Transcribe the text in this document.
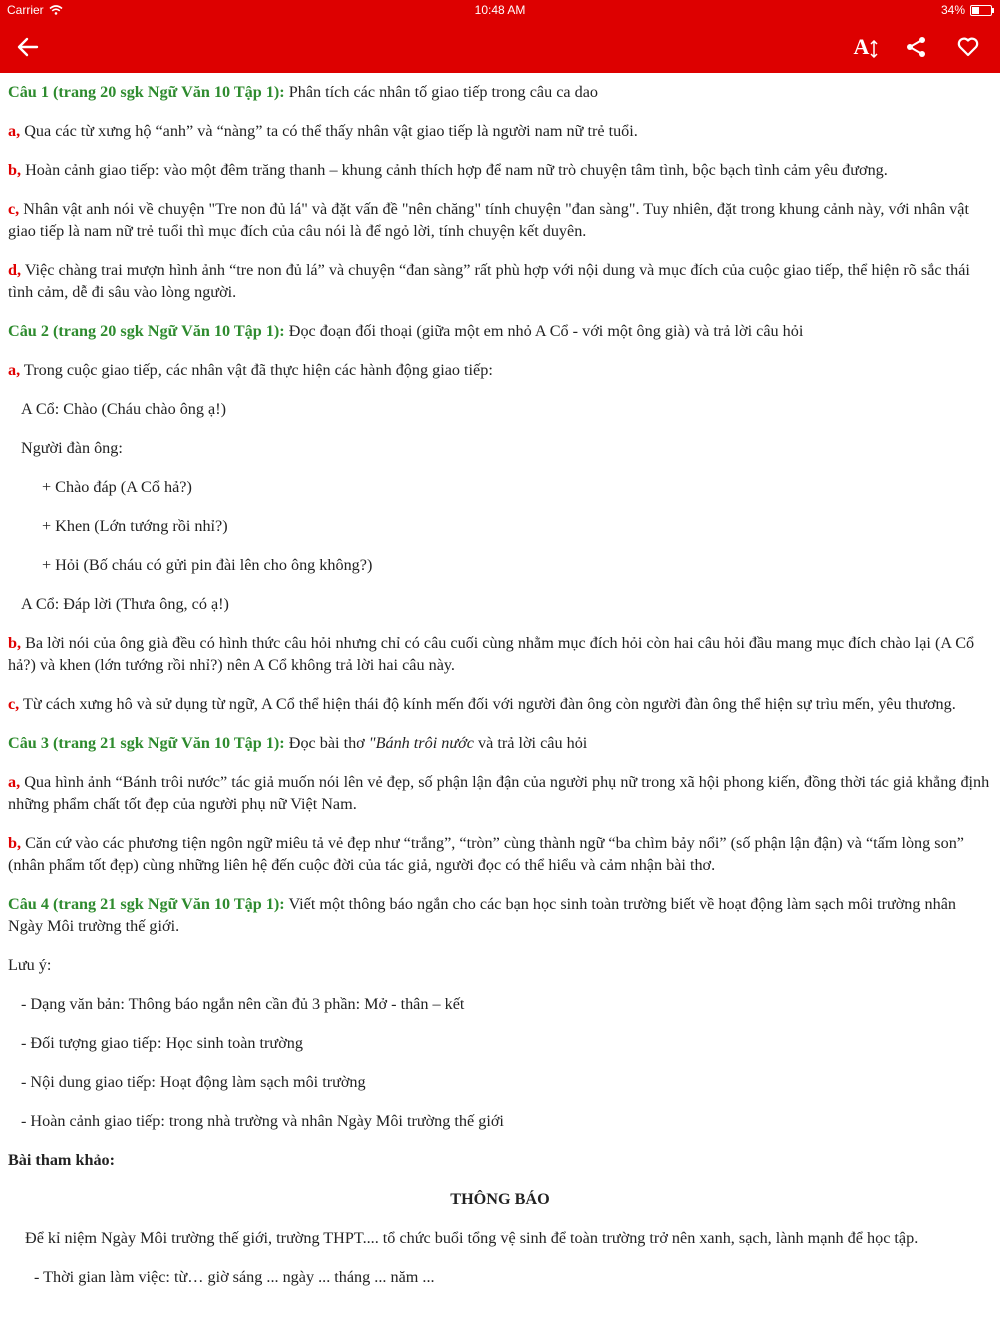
Carrier	10:48 AM	34%
A

Câu 1 (trang 20 sgk Ngữ Văn 10 Tập 1): Phân tích các nhân tố giao tiếp trong câu ca dao

a, Qua các từ xưng hộ “anh” và “nàng” ta có thể thấy nhân vật giao tiếp là người nam nữ trẻ tuổi.

b, Hoàn cảnh giao tiếp: vào một đêm trăng thanh – khung cảnh thích hợp để nam nữ trò chuyện tâm tình, bộc bạch tình cảm yêu đương.

c, Nhân vật anh nói về chuyện "Tre non đủ lá" và đặt vấn đề "nên chăng" tính chuyện "đan sàng". Tuy nhiên, đặt trong khung cảnh này, với nhân vật giao tiếp là nam nữ trẻ tuổi thì mục đích của câu nói là để ngỏ lời, tính chuyện kết duyên.

d, Việc chàng trai mượn hình ảnh “tre non đủ lá” và chuyện “đan sàng” rất phù hợp với nội dung và mục đích của cuộc giao tiếp, thể hiện rõ sắc thái tình cảm, dễ đi sâu vào lòng người.

Câu 2 (trang 20 sgk Ngữ Văn 10 Tập 1): Đọc đoạn đối thoại (giữa một em nhỏ A Cổ - với một ông già) và trả lời câu hỏi

a, Trong cuộc giao tiếp, các nhân vật đã thực hiện các hành động giao tiếp:

A Cổ: Chào (Cháu chào ông ạ!)

Người đàn ông:

+ Chào đáp (A Cổ hả?)

+ Khen (Lớn tướng rồi nhỉ?)

+ Hỏi (Bố cháu có gửi pin đài lên cho ông không?)

A Cổ: Đáp lời (Thưa ông, có ạ!)

b, Ba lời nói của ông già đều có hình thức câu hỏi nhưng chỉ có câu cuối cùng nhằm mục đích hỏi còn hai câu hỏi đầu mang mục đích chào lại (A Cổ hả?) và khen (lớn tướng rồi nhỉ?) nên A Cổ không trả lời hai câu này.

c, Từ cách xưng hô và sử dụng từ ngữ, A Cổ thể hiện thái độ kính mến đối với người đàn ông còn người đàn ông thể hiện sự trìu mến, yêu thương.

Câu 3 (trang 21 sgk Ngữ Văn 10 Tập 1): Đọc bài thơ "Bánh trôi nước và trả lời câu hỏi

a, Qua hình ảnh “Bánh trôi nước” tác giả muốn nói lên vẻ đẹp, số phận lận đận của người phụ nữ trong xã hội phong kiến, đồng thời tác giả khẳng định những phẩm chất tốt đẹp của người phụ nữ Việt Nam.

b, Căn cứ vào các phương tiện ngôn ngữ miêu tả vẻ đẹp như “trắng”, “tròn” cùng thành ngữ “ba chìm bảy nổi” (số phận lận đận) và “tấm lòng son” (nhân phẩm tốt đẹp) cùng những liên hệ đến cuộc đời của tác giả, người đọc có thể hiểu và cảm nhận bài thơ.

Câu 4 (trang 21 sgk Ngữ Văn 10 Tập 1): Viết một thông báo ngắn cho các bạn học sinh toàn trường biết về hoạt động làm sạch môi trường nhân Ngày Môi trường thế giới.

Lưu ý:

- Dạng văn bản: Thông báo ngắn nên cần đủ 3 phần: Mở - thân – kết

- Đối tượng giao tiếp: Học sinh toàn trường

- Nội dung giao tiếp: Hoạt động làm sạch môi trường

- Hoàn cảnh giao tiếp: trong nhà trường và nhân Ngày Môi trường thế giới

Bài tham khảo:

THÔNG BÁO

Để kỉ niệm Ngày Môi trường thế giới, trường THPT.... tổ chức buổi tổng vệ sinh để toàn trường trở nên xanh, sạch, lành mạnh để học tập.

- Thời gian làm việc: từ… giờ sáng ... ngày ... tháng ... năm ...
